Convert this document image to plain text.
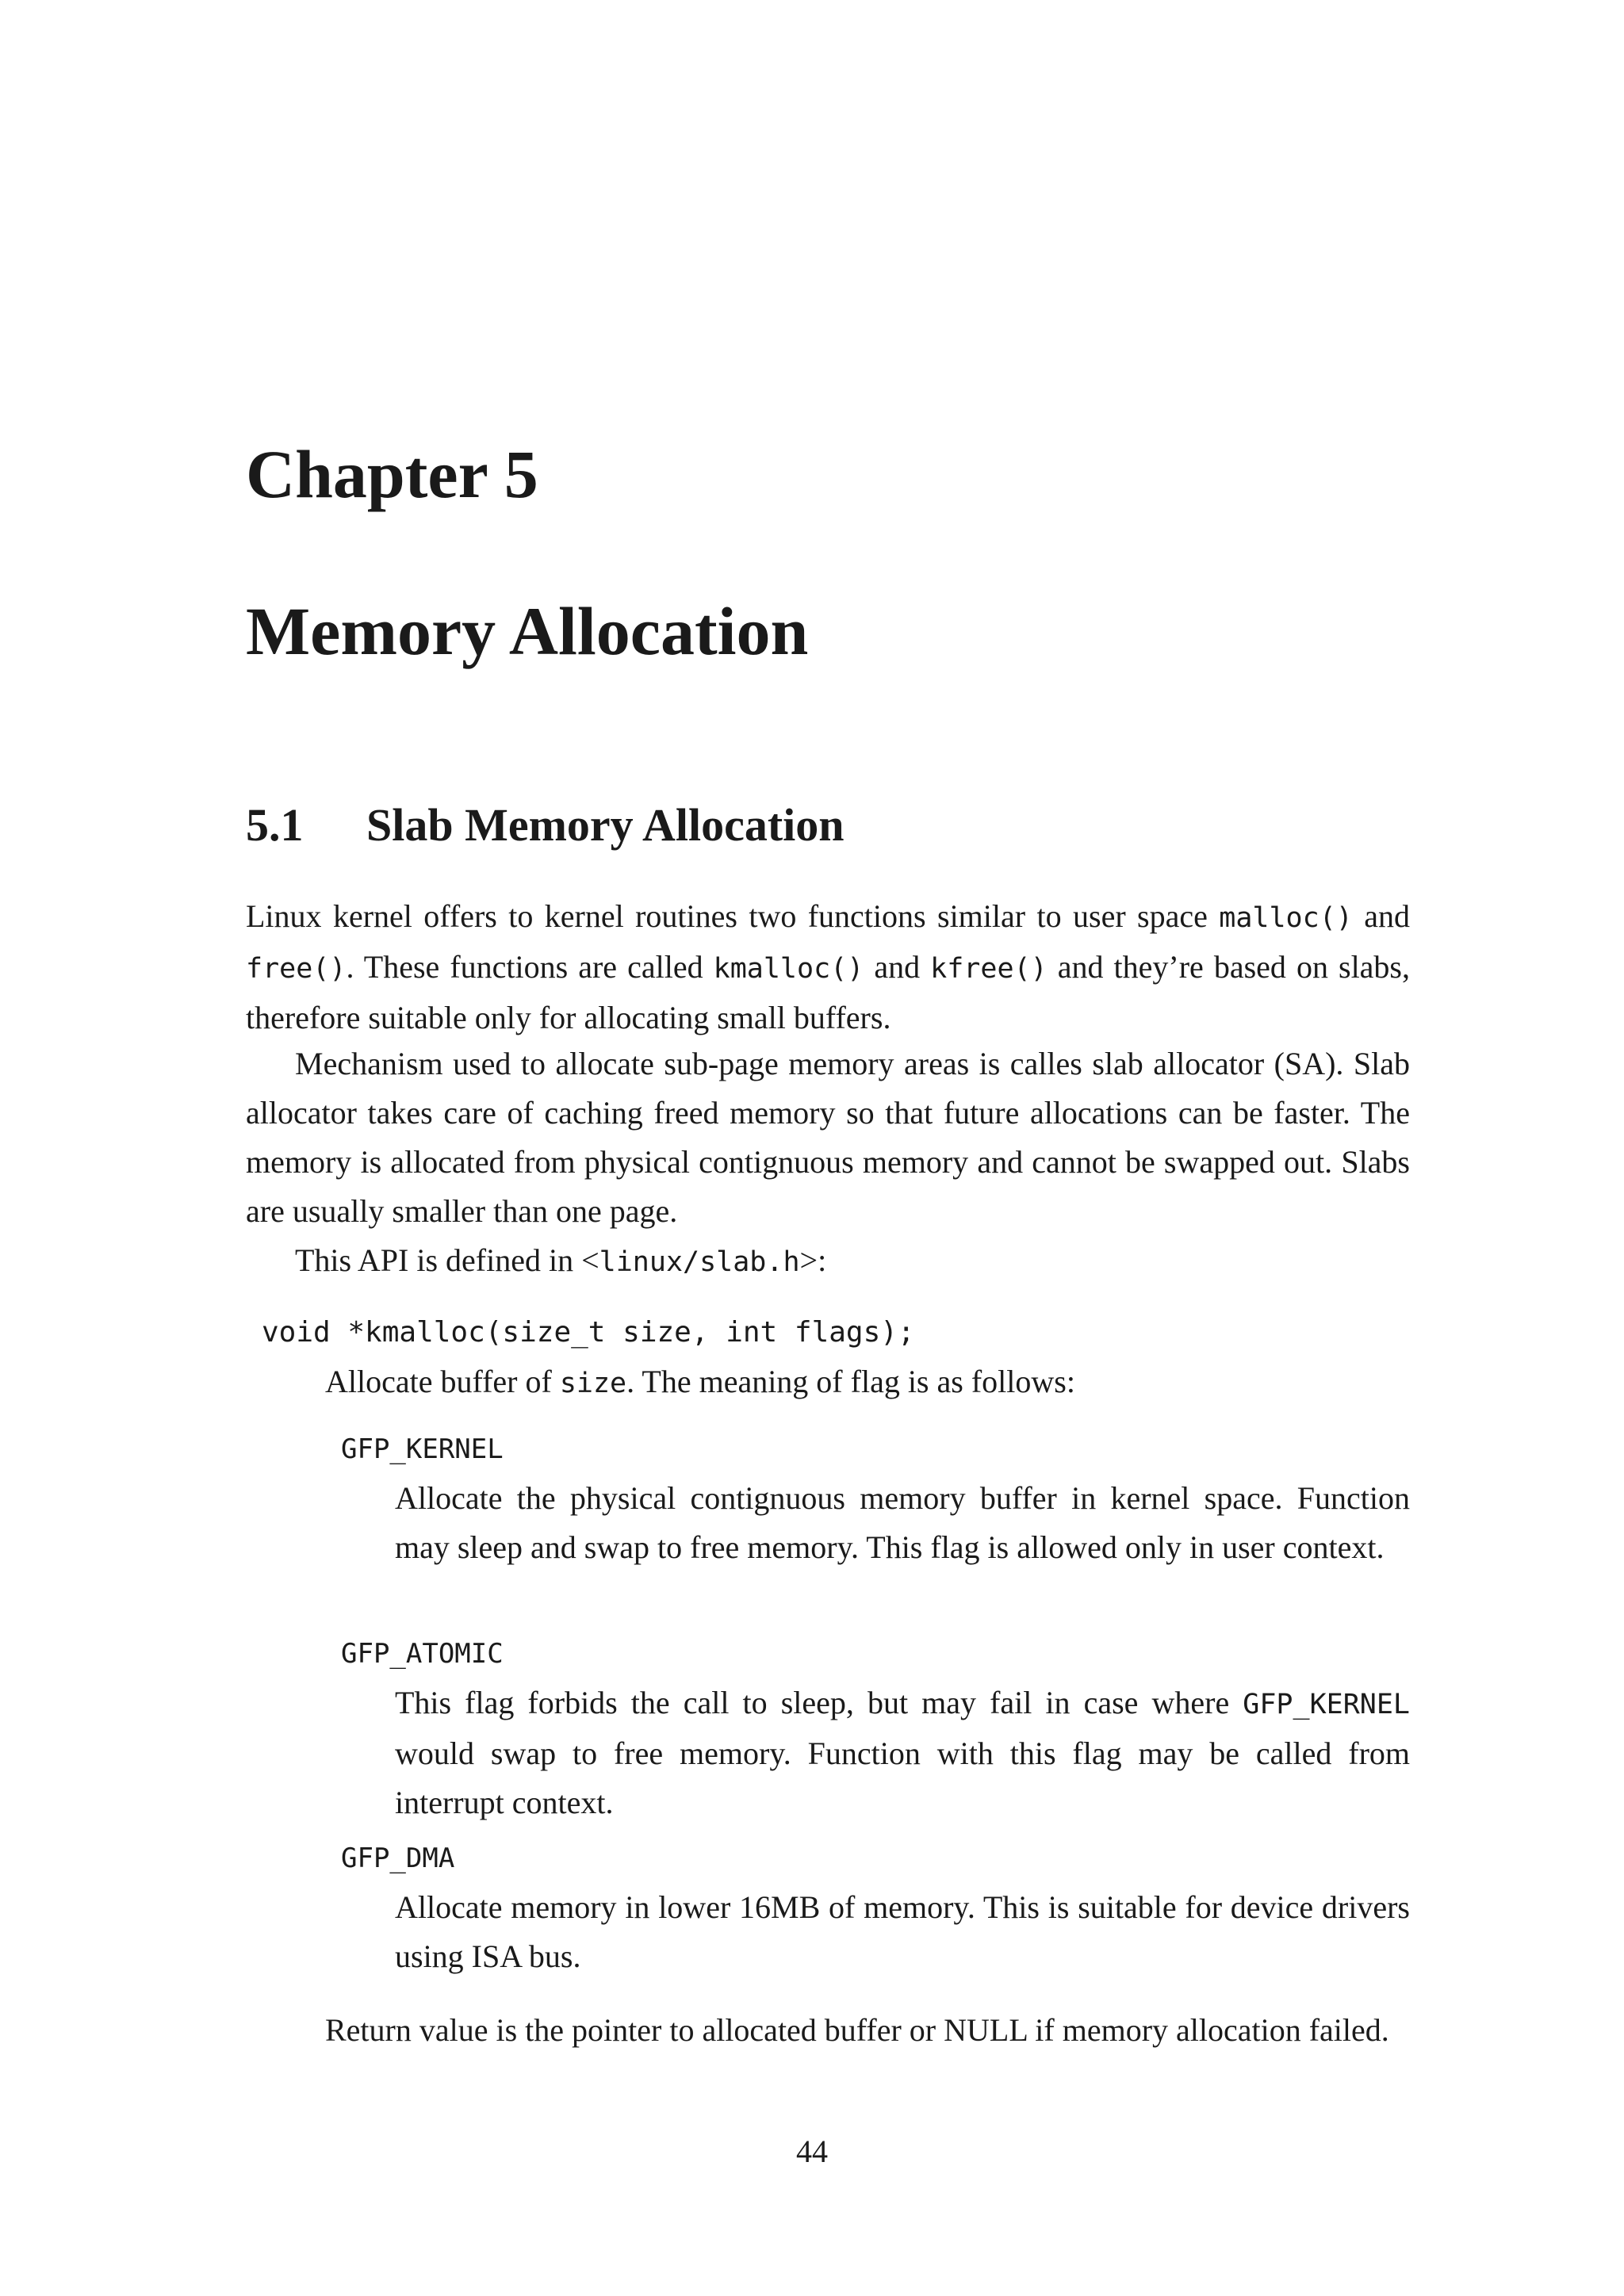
Chapter 5
Memory Allocation
5.1 Slab Memory Allocation

Linux kernel offers to kernel routines two functions similar to user space malloc() and free(). These functions are called kmalloc() and kfree() and they’re based on slabs, therefore suitable only for allocating small buffers.

Mechanism used to allocate sub-page memory areas is calles slab allocator (SA). Slab allocator takes care of caching freed memory so that future allocations can be faster. The memory is allocated from physical contignuous memory and cannot be swapped out. Slabs are usually smaller than one page.

This API is defined in <linux/slab.h>:

void *kmalloc(size_t size, int flags);

Allocate buffer of size. The meaning of flag is as follows:

GFP_KERNEL

Allocate the physical contignuous memory buffer in kernel space. Function may sleep and swap to free memory. This flag is allowed only in user context.

GFP_ATOMIC

This flag forbids the call to sleep, but may fail in case where GFP_KERNEL would swap to free memory. Function with this flag may be called from interrupt context.

GFP_DMA

Allocate memory in lower 16MB of memory. This is suitable for device drivers using ISA bus.

Return value is the pointer to allocated buffer or NULL if memory allocation failed.

44
